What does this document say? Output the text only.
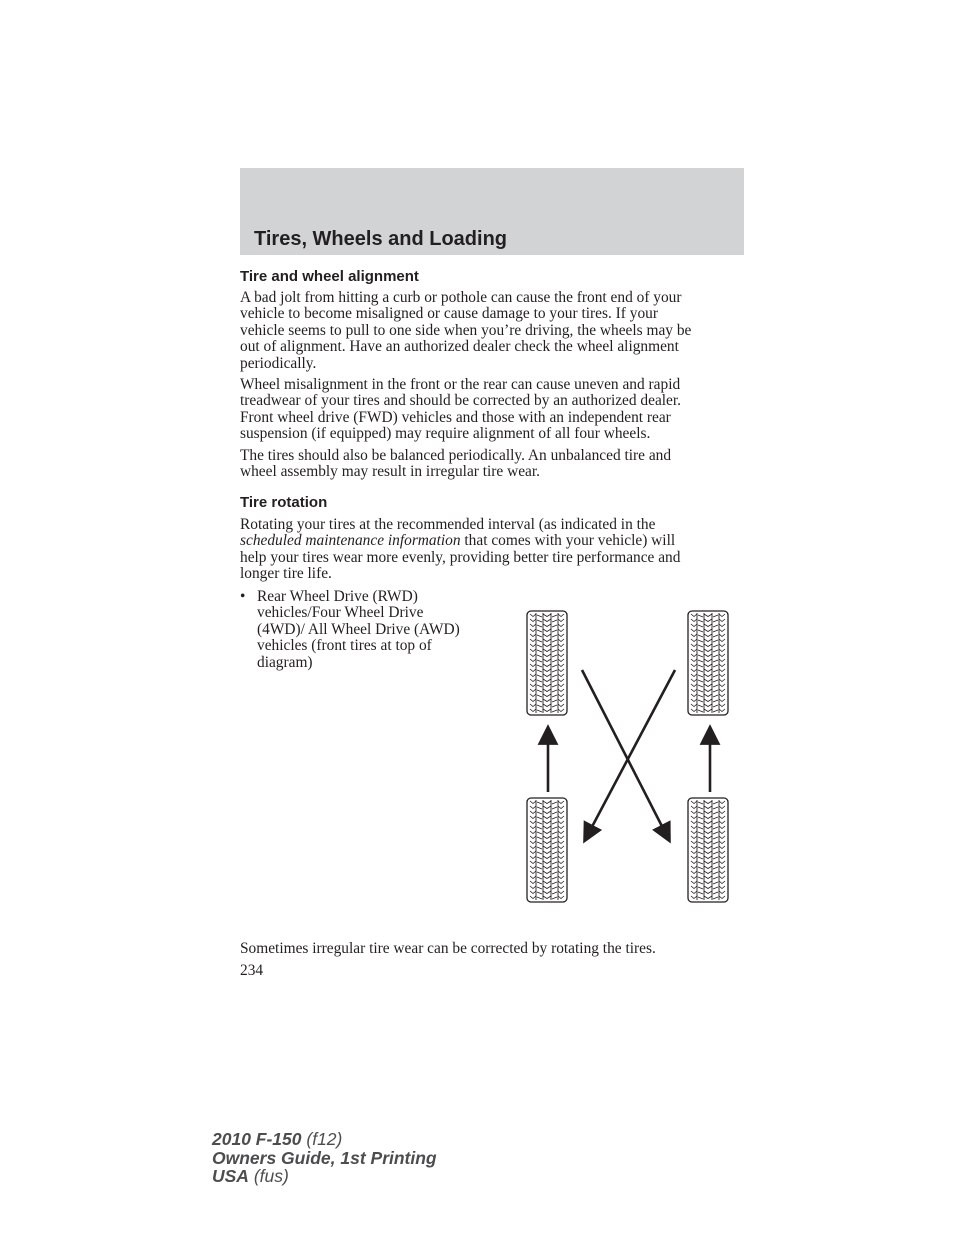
Tires, Wheels and Loading
Tire and wheel alignment
A bad jolt from hitting a curb or pothole can cause the front end of your
vehicle to become misaligned or cause damage to your tires. If your
vehicle seems to pull to one side when you’re driving, the wheels may be
out of alignment. Have an authorized dealer check the wheel alignment
periodically.
Wheel misalignment in the front or the rear can cause uneven and rapid
treadwear of your tires and should be corrected by an authorized dealer.
Front wheel drive (FWD) vehicles and those with an independent rear
suspension (if equipped) may require alignment of all four wheels.
The tires should also be balanced periodically. An unbalanced tire and
wheel assembly may result in irregular tire wear.
Tire rotation
Rotating your tires at the recommended interval (as indicated in the
scheduled maintenance information that comes with your vehicle) will
help your tires wear more evenly, providing better tire performance and
longer tire life.
• Rear Wheel Drive (RWD)
vehicles/Four Wheel Drive
(4WD)/ All Wheel Drive (AWD)
vehicles (front tires at top of
diagram)
Sometimes irregular tire wear can be corrected by rotating the tires.
234
2010 F-150 (f12)
Owners Guide, 1st Printing
USA (fus)
